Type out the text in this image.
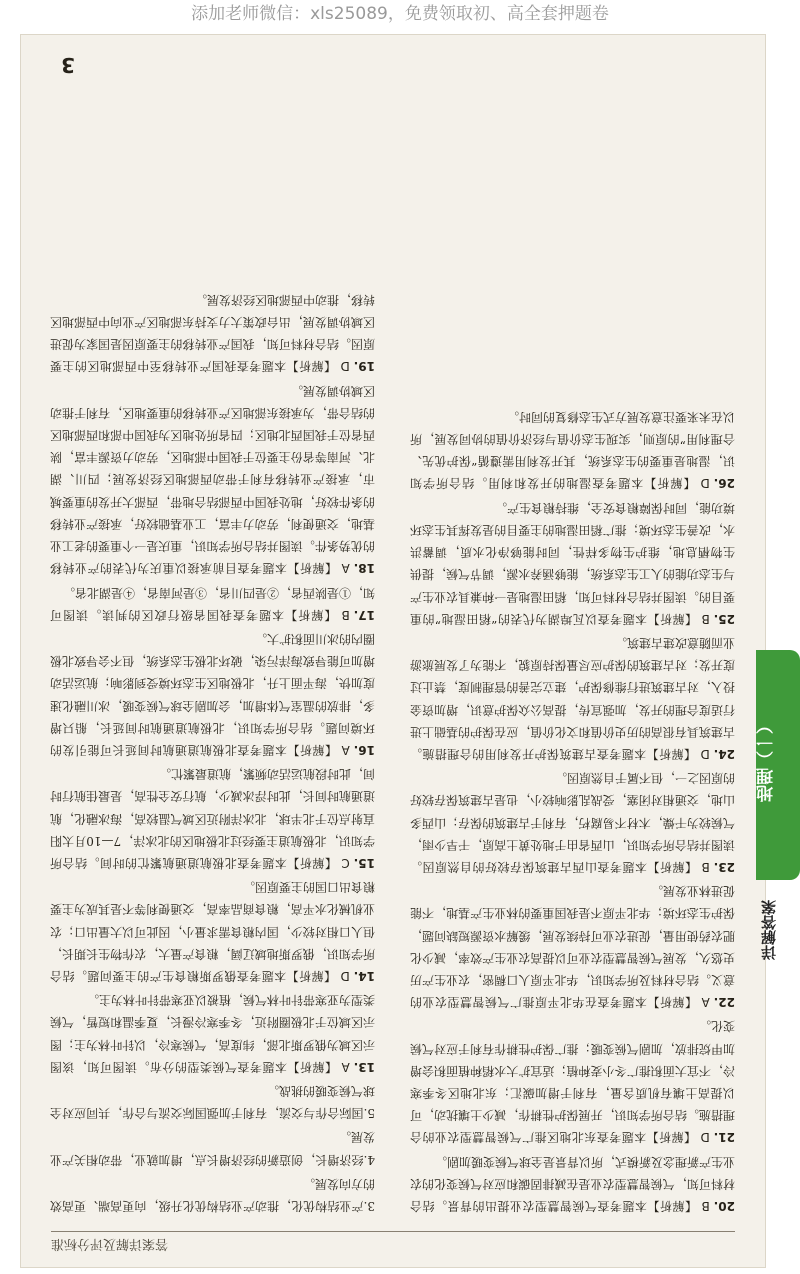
添加老师微信：xls25089，免费领取初、高全套押题卷
答案详解及评分标准

20.B【解析】本题考查气候智慧型农业提出的背景。结合材料可知，气候智慧型农业是在减排固碳和应对气候变化的农业生产新理念及新模式，所以背景是全球气候变暖加剧。

21.D【解析】本题考查东北地区推广气候智慧型农业的合理措施。结合所学知识，开展保护性耕作，减少土壤扰动，可以提高土壤有机质含量，有利于增加碳汇；东北地区冬季寒冷，不宜大面积推广冬小麦种植；适宜扩大水稻种植面积会增加甲烷排放，加剧气候变暖；推广保护性耕作有利于应对气候变化。

22.A【解析】本题考查在华北平原推广气候智慧型农业的意义。结合材料及所学知识，华北平原人口稠密，农业生产历史悠久，发展气候智慧型农业可以提高农业生产效率，减少化肥农药使用量，促进农业可持续发展，缓解水资源短缺问题，保护生态环境；华北平原不是我国重要的林业生产基地，不能促进林业发展。

23.B【解析】本题考查山西古建筑保存较好的自然原因。读图并结合所学知识，山西省由于地处黄土高原，干旱少雨，气候较为干燥，木材不易腐朽，有利于古建筑的保存；山西多山地，交通相对闭塞，受战乱影响较小，也是古建筑保存较好的原因之一，但不属于自然原因。

24.D【解析】本题考查古建筑保护开发利用的合理措施。古建筑具有很高的历史价值和文化价值，应在保护的基础上进行适度合理的开发，加强宣传，提高公众保护意识，增加资金投入，对古建筑进行维修保护，建立完善的管理制度，禁止过度开发；对古建筑的保护应尽量保持原貌，不能为了发展旅游业而随意改建古建筑。

25.B【解析】本题考查以瓦埠湖为代表的“稻田湿地”的重要目的。读图并结合材料可知，稻田湿地是一种兼具农业生产与生态功能的人工生态系统，能够涵养水源，调节气候，提供生物栖息地，维护生物多样性，同时能够净化水质，调蓄洪水，改善生态环境；推广稻田湿地的主要目的是发挥其生态环境功能，同时保障粮食安全，维持粮食生产。

26.D【解析】本题考查湿地的开发和利用。结合所学知识，湿地是重要的生态系统，其开发利用需遵循“保护优先、合理利用”的原则，实现生态价值与经济价值的协同发展，所以在未来要注意发展方式生态修复的同时。

3.产业结构优化，推动产业结构优化升级，向更高端、更高效的方向发展。

4.经济增长，创造新的经济增长点，增加就业，带动相关产业发展。

5.国际合作与交流，有利于加强国际交流与合作，共同应对全球气候变暖的挑战。

13.A【解析】本题考查气候类型的分布。读图可知，该图示区域为俄罗斯北部，纬度高，气候寒冷，以针叶林为主；图示区域位于北极圈附近，冬季寒冷漫长，夏季温和短暂，气候类型为亚寒带针叶林气候，植被以亚寒带针叶林为主。

14.D【解析】本题考查俄罗斯粮食生产的主要问题。结合所学知识，俄罗斯地域辽阔，粮食产量大，农作物生长期长，但人口相对较少，国内粮食需求量小，因此可以大量出口；农业机械化水平高，粮食商品率高，交通便利等不是其成为主要粮食出口国的主要原因。

15.C【解析】本题考查北极航道通航繁忙的时间。结合所学知识，北极航道主要经过北极地区的北冰洋，7—10月太阳直射点位于北半球，北冰洋附近区域气温较高，海冰融化，航道通航时间长，此时浮冰减少，航行安全性高，是最佳航行时间，此时段航运活动频繁，航道最繁忙。

16.A【解析】本题考查北极航道通航时间延长可能引发的环境问题。结合所学知识，北极航道通航时间延长，船只增多，排放的温室气体增加，会加剧全球气候变暖，冰川融化速度加快，海平面上升，北极地区生态环境受到影响；航运活动增加可能导致海洋污染，破坏北极生态系统，但不会导致北极圈内的冰川面积扩大。

17.B【解析】本题考查我国省级行政区的判读。读图可知，①是陕西省，②是四川省，③是河南省，④是湖北省。

18.A【解析】本题考查目前承接以重庆为代表的产业转移的优势条件。读图并结合所学知识，重庆是一个重要的老工业基地，交通便利，劳动力丰富，工业基础较好，承接产业转移的条件较好，地处我国中西部结合地带，西部大开发的重要城市，承接产业转移有利于带动西部地区经济发展；四川、湖北、河南等省份主要位于我国中部地区，劳动力资源丰富，陕西省位于我国西北地区；四省所处地区为我国中部和西部地区的结合带，为承接东部地区产业转移的重要地区，有利于推动区域协调发展。

19.D【解析】本题考查我国产业转移至中西部地区的主要原因。结合材料可知，我国产业转移的主要原因是国家为促进区域协调发展，出台政策大力支持东部地区产业向中西部地区转移，推动中西部地区经济发展。

3
地理（一）
详解答案
